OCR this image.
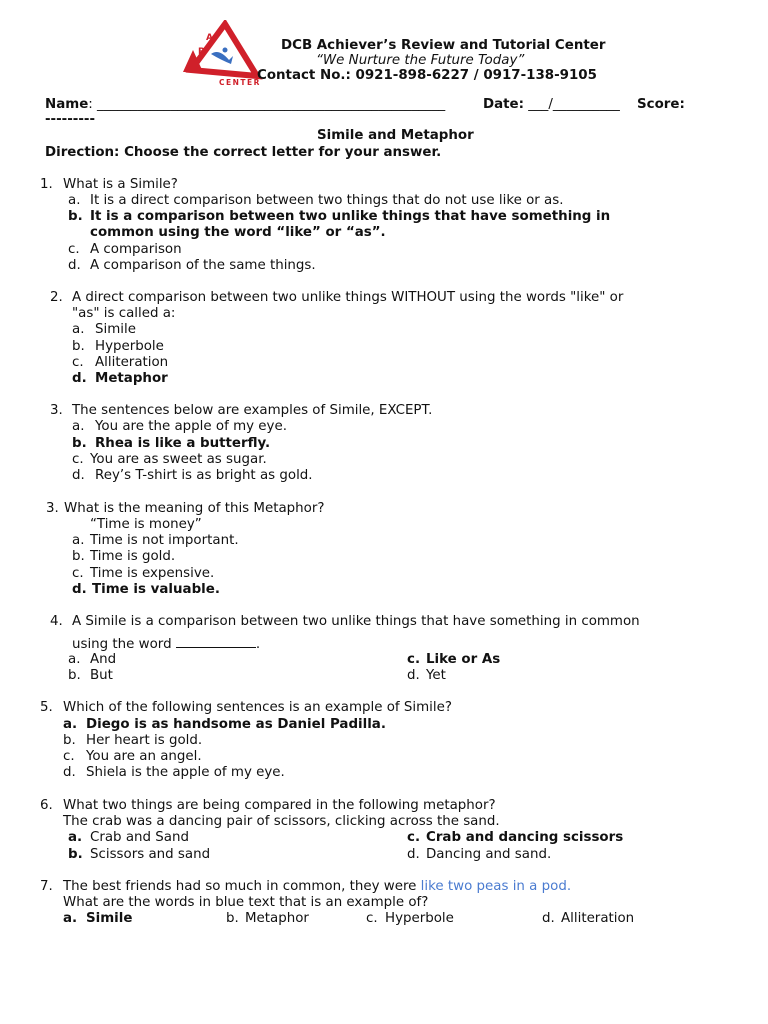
A
R
T
CENTER
DCB Achiever’s Review and Tutorial Center
“We Nurture the Future Today”
Contact No.: 0921-898-6227 / 0917-138-9105
Name: ____________________________________________________	Date: ___/__________ Score:
---------
Simile and Metaphor
Direction: Choose the correct letter for your answer.
1. What is a Simile?
a. It is a direct comparison between two things that do not use like or as.
b. It is a comparison between two unlike things that have something in
common using the word “like” or “as”.
c. A comparison
d. A comparison of the same things.
2. A direct comparison between two unlike things WITHOUT using the words "like" or
"as" is called a:
a. Simile
b. Hyperbole
c. Alliteration
d. Metaphor
3. The sentences below are examples of Simile, EXCEPT.
a. You are the apple of my eye.
b. Rhea is like a butterfly.
c. You are as sweet as sugar.
d. Rey’s T-shirt is as bright as gold.
3. What is the meaning of this Metaphor?
“Time is money”
a. Time is not important.
b. Time is gold.
c. Time is expensive.
d. Time is valuable.
4. A Simile is a comparison between two unlike things that have something in common
using the word	.
a. And
b. But
c. Like or As
d. Yet
5. Which of the following sentences is an example of Simile?
a. Diego is as handsome as Daniel Padilla.
b. Her heart is gold.
c. You are an angel.
d. Shiela is the apple of my eye.
6. What two things are being compared in the following metaphor?
The crab was a dancing pair of scissors, clicking across the sand.
a. Crab and Sand
b. Scissors and sand
c. Crab and dancing scissors
d. Dancing and sand.
7. The best friends had so much in common, they were like two peas in a pod.
What are the words in blue text that is an example of?
a. Simile	b. Metaphor	c. Hyperbole	d. Alliteration
